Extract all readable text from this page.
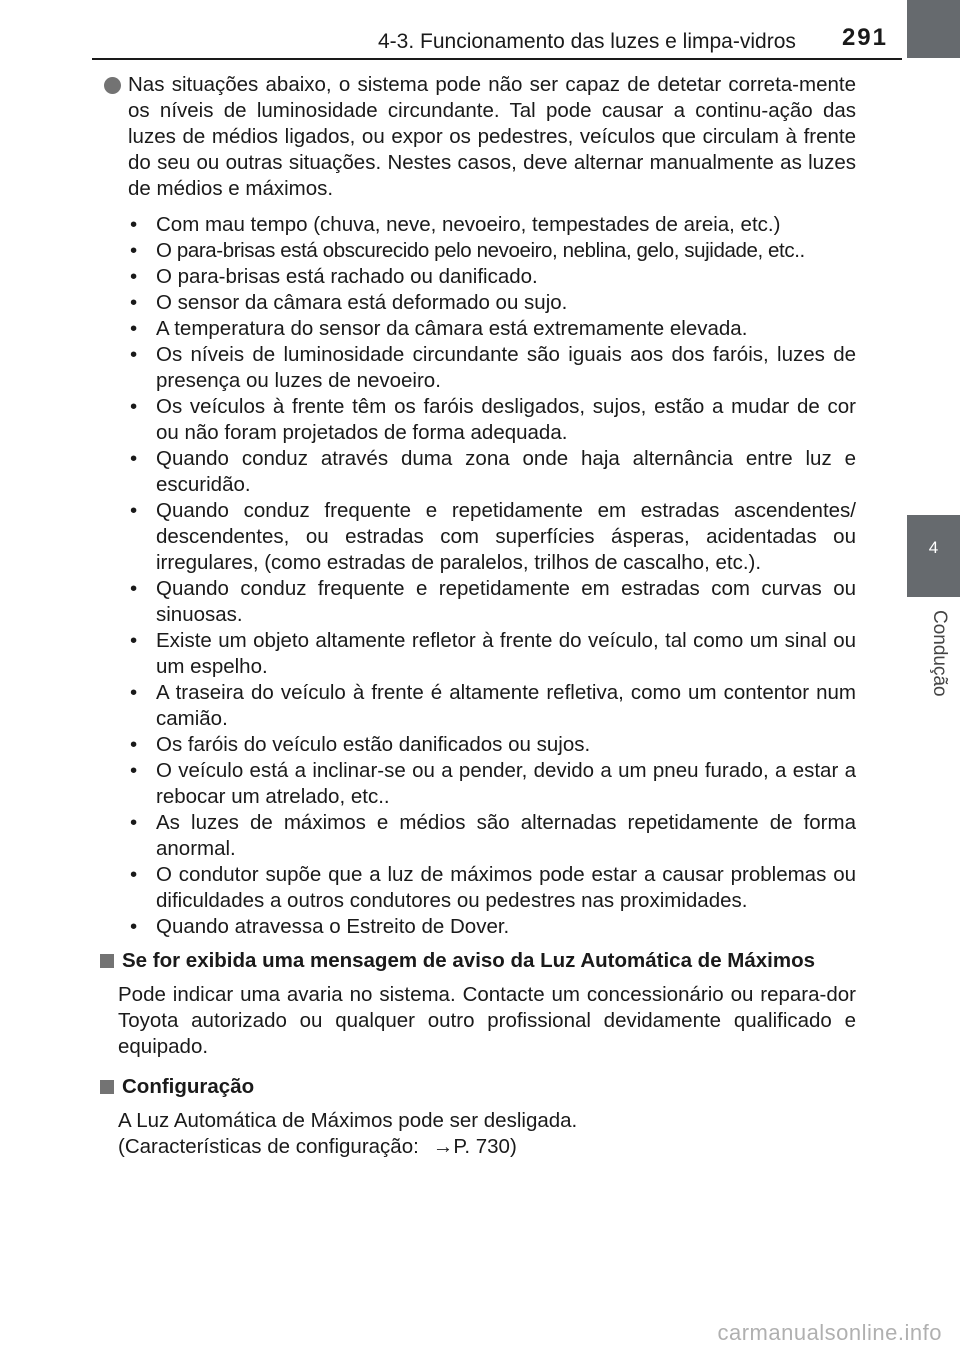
4-3. Funcionamento das luzes e limpa-vidros	291
4
Condução
Nas situações abaixo, o sistema pode não ser capaz de detetar correta-mente os níveis de luminosidade circundante. Tal pode causar a continu-ação das luzes de médios ligados, ou expor os pedestres, veículos que circulam à frente do seu ou outras situações. Nestes casos, deve alternar manualmente as luzes de médios e máximos.
• Com mau tempo (chuva, neve, nevoeiro, tempestades de areia, etc.)
• O para-brisas está obscurecido pelo nevoeiro, neblina, gelo, sujidade, etc..
• O para-brisas está rachado ou danificado.
• O sensor da câmara está deformado ou sujo.
• A temperatura do sensor da câmara está extremamente elevada.
• Os níveis de luminosidade circundante são iguais aos dos faróis, luzes de presença ou luzes de nevoeiro.
• Os veículos à frente têm os faróis desligados, sujos, estão a mudar de cor ou não foram projetados de forma adequada.
• Quando conduz através duma zona onde haja alternância entre luz e escuridão.
• Quando conduz frequente e repetidamente em estradas ascendentes/ descendentes, ou estradas com superfícies ásperas, acidentadas ou irregulares, (como estradas de paralelos, trilhos de cascalho, etc.).
• Quando conduz frequente e repetidamente em estradas com curvas ou sinuosas.
• Existe um objeto altamente refletor à frente do veículo, tal como um sinal ou um espelho.
• A traseira do veículo à frente é altamente refletiva, como um contentor num camião.
• Os faróis do veículo estão danificados ou sujos.
• O veículo está a inclinar-se ou a pender, devido a um pneu furado, a estar a rebocar um atrelado, etc..
• As luzes de máximos e médios são alternadas repetidamente de forma anormal.
• O condutor supõe que a luz de máximos pode estar a causar problemas ou dificuldades a outros condutores ou pedestres nas proximidades.
• Quando atravessa o Estreito de Dover.
Se for exibida uma mensagem de aviso da Luz Automática de Máximos
Pode indicar uma avaria no sistema. Contacte um concessionário ou repara-dor Toyota autorizado ou qualquer outro profissional devidamente qualificado e equipado.
Configuração
A Luz Automática de Máximos pode ser desligada.
(Características de configuração: →P. 730)
carmanualsonline.info
